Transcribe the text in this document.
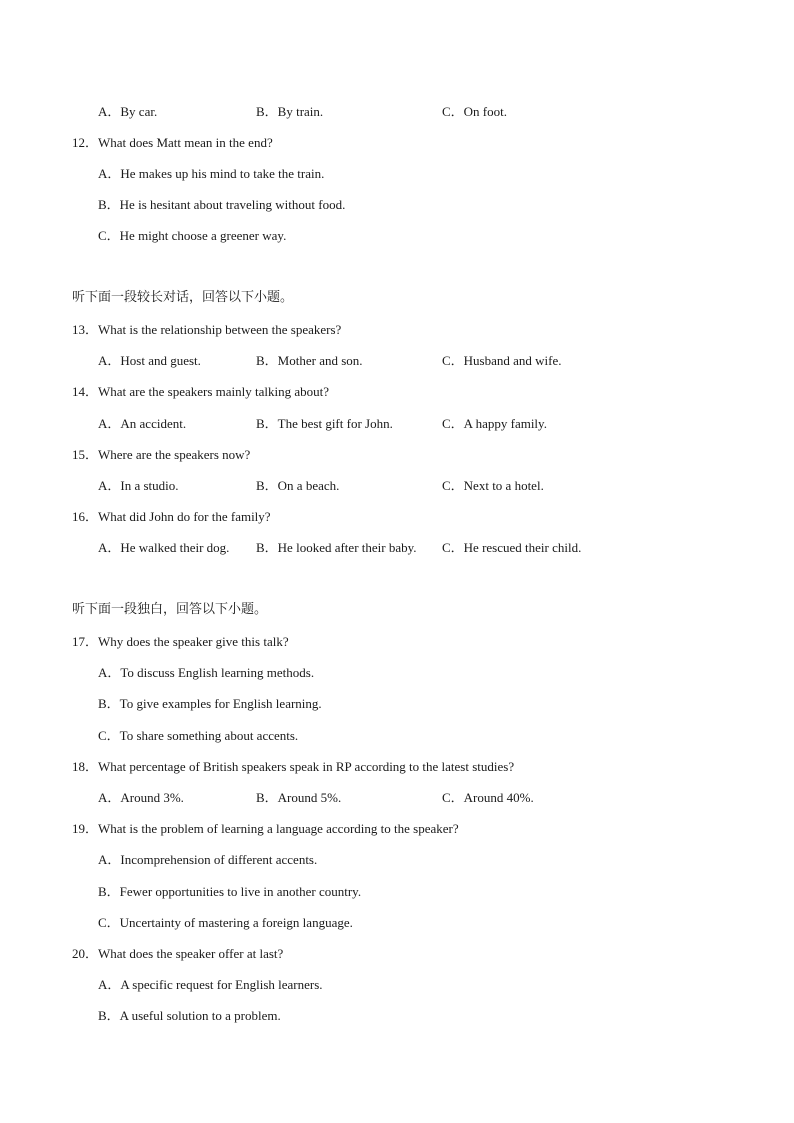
A．By car.	B．By train.	C．On foot.
12．What does Matt mean in the end?
A．He makes up his mind to take the train.
B．He is hesitant about traveling without food.
C．He might choose a greener way.
听下面一段较长对话，回答以下小题。
13．What is the relationship between the speakers?
A．Host and guest.	B．Mother and son.	C．Husband and wife.
14．What are the speakers mainly talking about?
A．An accident.	B．The best gift for John.	C．A happy family.
15．Where are the speakers now?
A．In a studio.	B．On a beach.	C．Next to a hotel.
16．What did John do for the family?
A．He walked their dog. B．He looked after their baby. C．He rescued their child.
听下面一段独白，回答以下小题。
17．Why does the speaker give this talk?
A．To discuss English learning methods.
B．To give examples for English learning.
C．To share something about accents.
18．What percentage of British speakers speak in RP according to the latest studies?
A．Around 3%.	B．Around 5%.	C．Around 40%.
19．What is the problem of learning a language according to the speaker?
A．Incomprehension of different accents.
B．Fewer opportunities to live in another country.
C．Uncertainty of mastering a foreign language.
20．What does the speaker offer at last?
A．A specific request for English learners.
B．A useful solution to a problem.
